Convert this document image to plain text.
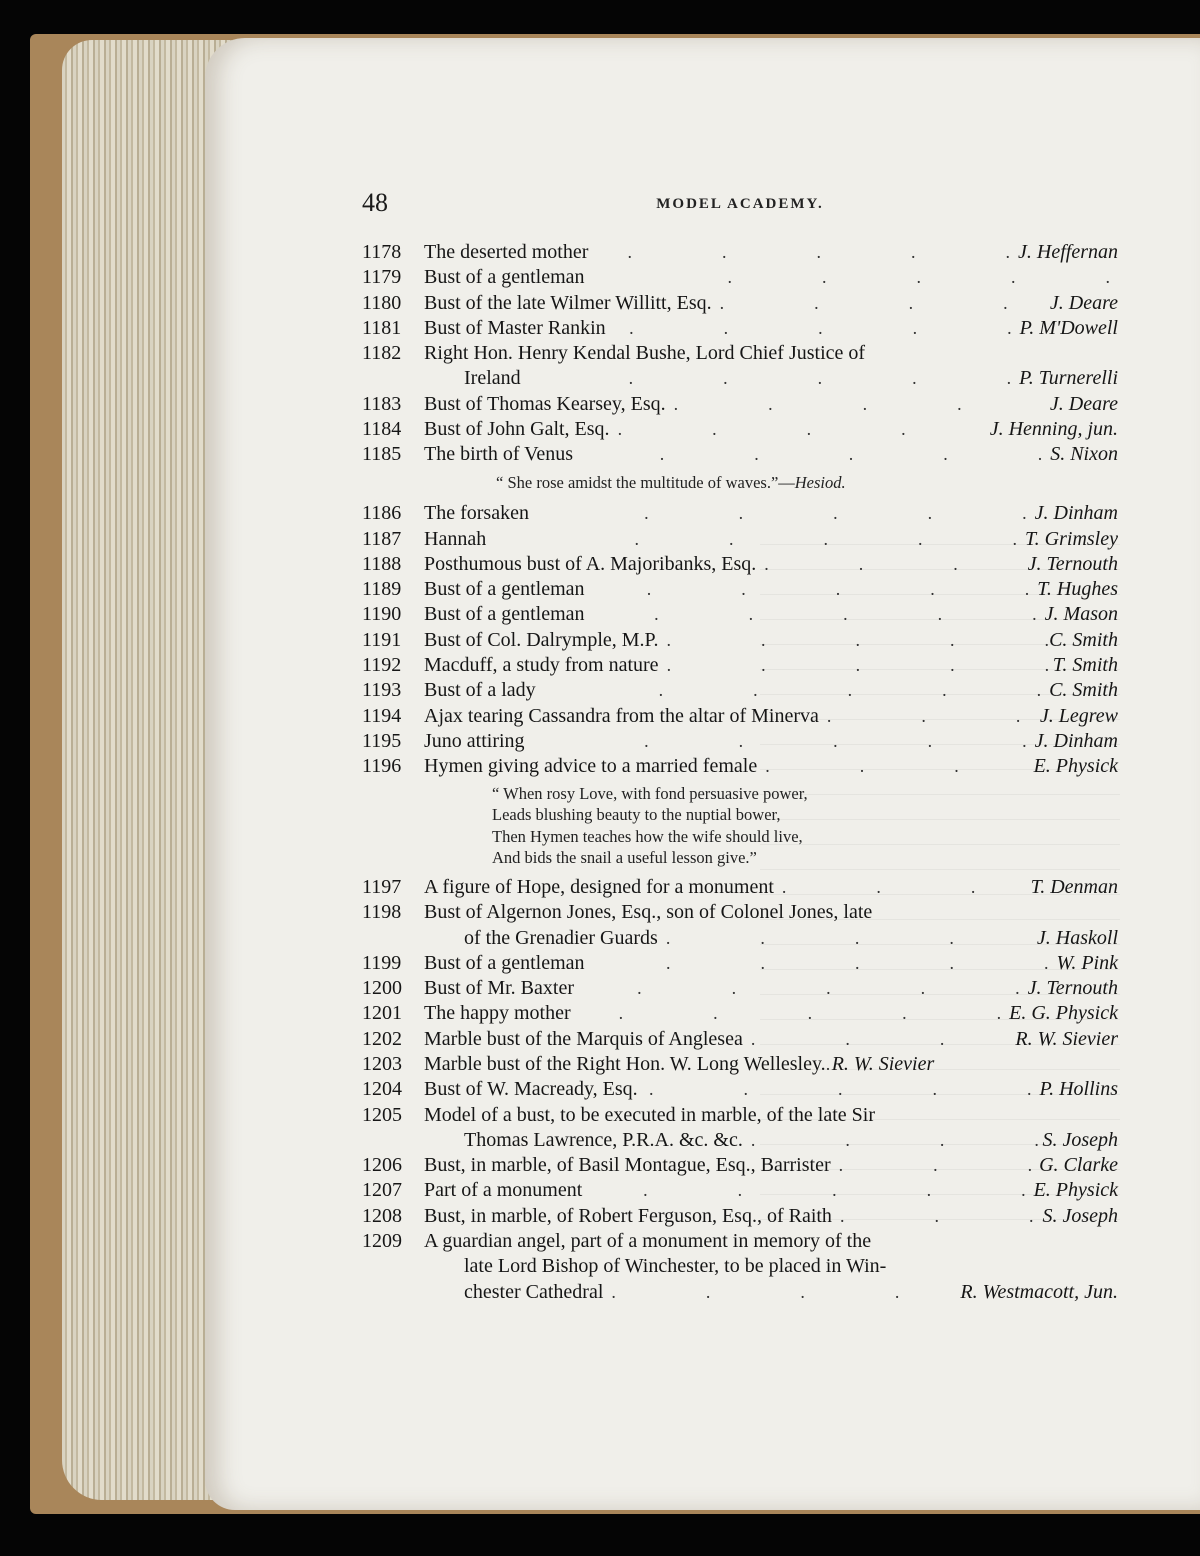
48	MODEL ACADEMY.
1178	The deserted mother .	J. Heffernan
1179	Bust of a gentleman
.
1180	Bust of the late Wilmer Willitt, Esq. .	J. Deare
1181	Bust of Master Rankin .	P. M'Dowell
1182	Right Hon. Henry Kendal Bushe, Lord Chief Justice of
Ireland .	P. Turnerelli
1183	Bust of Thomas Kearsey, Esq. .	J. Deare
1184	Bust of John Galt, Esq. .	J. Henning, jun.
1185	The birth of Venus .	S. Nixon
“ She rose amidst the multitude of waves.”—Hesiod.
1186	The forsaken .	J. Dinham
1187	Hannah .	T. Grimsley
1188	Posthumous bust of A. Majoribanks, Esq. .	J. Ternouth
1189	Bust of a gentleman .	T. Hughes
1190	Bust of a gentleman .	J. Mason
1191	Bust of Col. Dalrymple, M.P. .	C. Smith
1192	Macduff, a study from nature .	T. Smith
1193	Bust of a lady .	C. Smith
1194	Ajax tearing Cassandra from the altar of Minerva .	J. Legrew
1195	Juno attiring .	J. Dinham
1196	Hymen giving advice to a married female .	E. Physick
“ When rosy Love, with fond persuasive power,
Leads blushing beauty to the nuptial bower,
Then Hymen teaches how the wife should live,
And bids the snail a useful lesson give.”
1197	A figure of Hope, designed for a monument .	T. Denman
1198	Bust of Algernon Jones, Esq., son of Colonel Jones, late
of the Grenadier Guards .	J. Haskoll
1199	Bust of a gentleman .	W. Pink
1200	Bust of Mr. Baxter .	J. Ternouth
1201	The happy mother .	E. G. Physick
1202	Marble bust of the Marquis of Anglesea .	R. W. Sievier
1203	Marble bust of the Right Hon. W. Long Wellesley. . R. W. Sievier
1204	Bust of W. Macready, Esq. .	P. Hollins
1205	Model of a bust, to be executed in marble, of the late Sir
Thomas Lawrence, P.R.A. &c. &c. .	S. Joseph
1206	Bust, in marble, of Basil Montague, Esq., Barrister .	G. Clarke
1207	Part of a monument .	E. Physick
1208	Bust, in marble, of Robert Ferguson, Esq., of Raith .	S. Joseph
1209	A guardian angel, part of a monument in memory of the
late Lord Bishop of Winchester, to be placed in Win-
chester Cathedral .	R. Westmacott, Jun.
